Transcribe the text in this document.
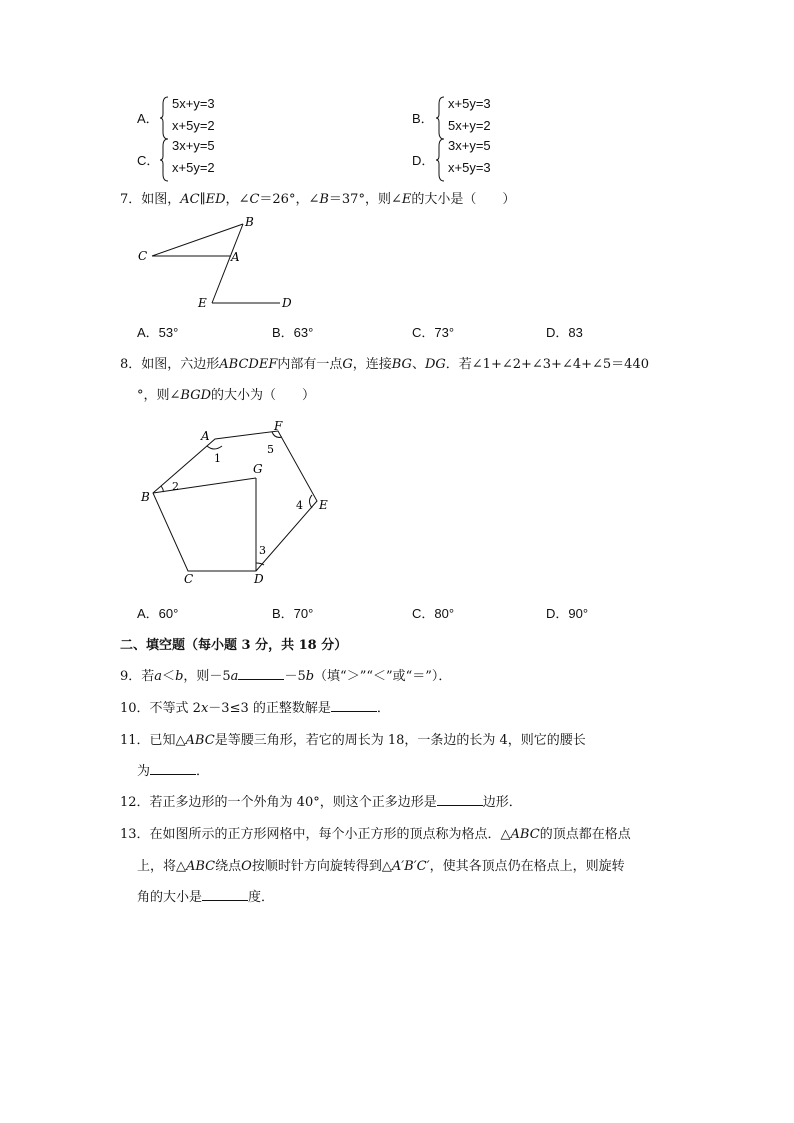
A．
5x+y=3
x+5y=2	B．
x+5y=3
5x+y=2
C．
3x+y=5
x+5y=2	D．
3x+y=5
x+5y=3
7．如图，AC∥ED，∠C＝26°，∠B＝37°，则∠E的大小是（　　）
B
C	A
E	D
A．53°	B．63°	C．73°	D．83
8．如图，六边形ABCDEF内部有一点G，连接BG、DG．若∠1+∠2+∠3+∠4+∠5＝440
°，则∠BGD的大小为（　　）
A
F
G
B
E
C	D
1
2
3
4
5
A．60°	B．70°	C．80°	D．90°
二、填空题（每小题 3 分，共 18 分）
9．若a＜b，则－5a	－5b（填“＞”“＜”或“＝”）．
10．不等式 2x－3≤3 的正整数解是	．
11．已知△ABC是等腰三角形，若它的周长为 18，一条边的长为 4，则它的腰长
为	．
12．若正多边形的一个外角为 40°，则这个正多边形是	边形．
13．在如图所示的正方形网格中，每个小正方形的顶点称为格点．△ABC的顶点都在格点
上，将△ABC绕点O按顺时针方向旋转得到△A′B′C′，使其各顶点仍在格点上，则旋转
角的大小是	度．
